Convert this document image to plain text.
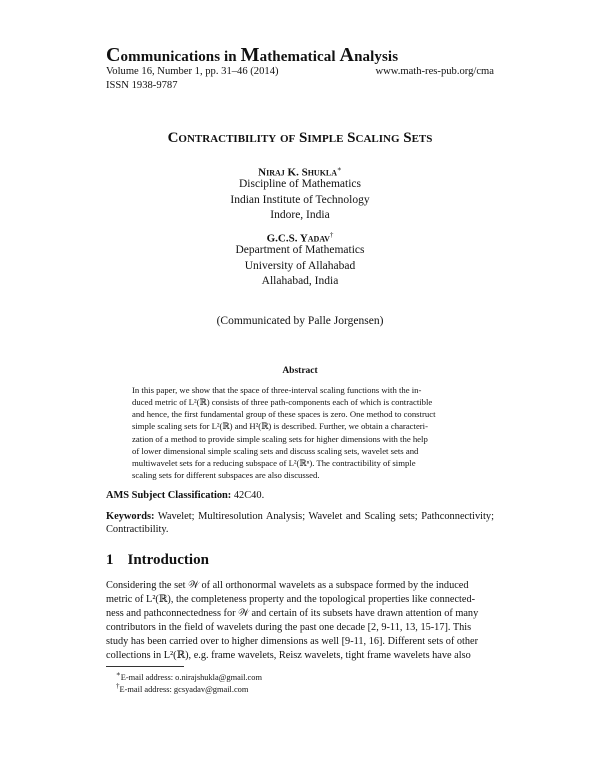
Communications in Mathematical Analysis
Volume 16, Number 1, pp. 31–46 (2014)	www.math-res-pub.org/cma
ISSN 1938-9787
Contractibility of Simple Scaling Sets
Niraj K. Shukla∗
Discipline of Mathematics
Indian Institute of Technology
Indore, India
G.C.S. Yadav†
Department of Mathematics
University of Allahabad
Allahabad, India
(Communicated by Palle Jorgensen)
Abstract

In this paper, we show that the space of three-interval scaling functions with the in-

duced metric of L²(ℝ) consists of three path-components each of which is contractible

and hence, the first fundamental group of these spaces is zero. One method to construct

simple scaling sets for L²(ℝ) and H²(ℝ) is described. Further, we obtain a characteri-

zation of a method to provide simple scaling sets for higher dimensions with the help

of lower dimensional simple scaling sets and discuss scaling sets, wavelet sets and

multiwavelet sets for a reducing subspace of L²(ℝⁿ). The contractibility of simple

scaling sets for different subspaces are also discussed.

AMS Subject Classification: 42C40.
Keywords: Wavelet; Multiresolution Analysis; Wavelet and Scaling sets; Pathconnectivity; Contractibility.
1 Introduction

Considering the set 𝒲 of all orthonormal wavelets as a subspace formed by the induced

metric of L²(ℝ), the completeness property and the topological properties like connected-

ness and pathconnectedness for 𝒲 and certain of its subsets have drawn attention of many

contributors in the field of wavelets during the past one decade [2, 9-11, 13, 15-17]. This

study has been carried over to higher dimensions as well [9-11, 16]. Different sets of other

collections in L²(ℝ), e.g. frame wavelets, Reisz wavelets, tight frame wavelets have also

∗E-mail address: o.nirajshukla@gmail.com
†E-mail address: gcsyadav@gmail.com
